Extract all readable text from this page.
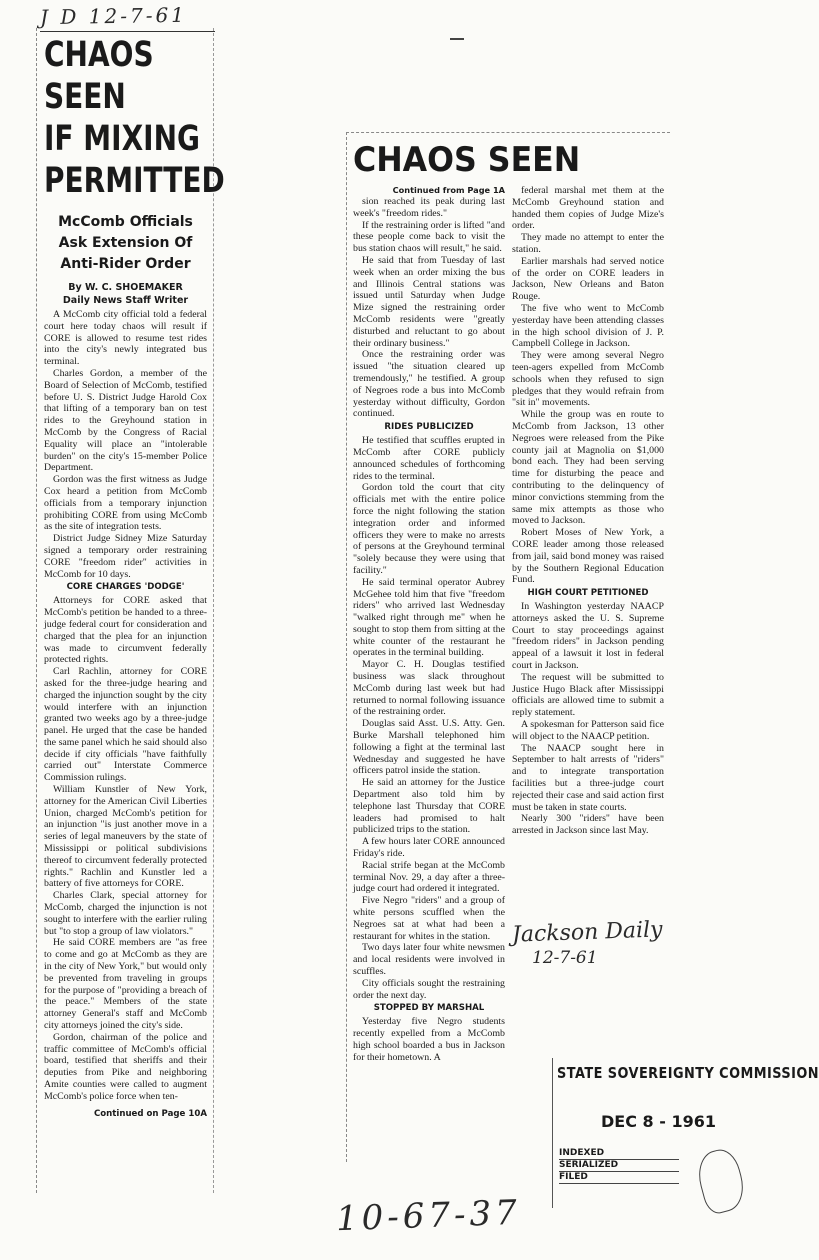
J D 12-7-61
CHAOS SEEN
IF MIXING
PERMITTED
McComb Officials
Ask Extension Of
Anti-Rider Order
By W. C. SHOEMAKER
Daily News Staff Writer

A McComb city official told a federal court here today chaos will result if CORE is allowed to resume test rides into the city's newly integrated bus terminal.

Charles Gordon, a member of the Board of Selection of McComb, testified before U. S. District Judge Harold Cox that lifting of a temporary ban on test rides to the Greyhound station in McComb by the Congress of Racial Equality will place an "intolerable burden" on the city's 15-member Police Department.

Gordon was the first witness as Judge Cox heard a petition from McComb officials from a temporary injunction prohibiting CORE from using McComb as the site of integration tests.

District Judge Sidney Mize Saturday signed a temporary order restraining CORE "freedom rider" activities in McComb for 10 days.

CORE CHARGES 'DODGE'

Attorneys for CORE asked that McComb's petition be handed to a three-judge federal court for consideration and charged that the plea for an injunction was made to circumvent federally protected rights.

Carl Rachlin, attorney for CORE asked for the three-judge hearing and charged the injunction sought by the city would interfere with an injunction granted two weeks ago by a three-judge panel. He urged that the case be handed the same panel which he said should also decide if city officials "have faithfully carried out" Interstate Commerce Commission rulings.

William Kunstler of New York, attorney for the American Civil Liberties Union, charged McComb's petition for an injunction "is just another move in a series of legal maneuvers by the state of Mississippi or political subdivisions thereof to circumvent federally protected rights." Rachlin and Kunstler led a battery of five attorneys for CORE.

Charles Clark, special attorney for McComb, charged the injunction is not sought to interfere with the earlier ruling but "to stop a group of law violators."

He said CORE members are "as free to come and go at McComb as they are in the city of New York," but would only be prevented from traveling in groups for the purpose of "providing a breach of the peace." Members of the state attorney General's staff and McComb city attorneys joined the city's side.

Gordon, chairman of the police and traffic committee of McComb's official board, testified that sheriffs and their deputies from Pike and neighboring Amite counties were called to augment McComb's police force when ten-

Continued on Page 10A
CHAOS SEEN
Continued from Page 1A

sion reached its peak during last week's "freedom rides."

If the restraining order is lifted "and these people come back to visit the bus station chaos will result," he said.

He said that from Tuesday of last week when an order mixing the bus and Illinois Central stations was issued until Saturday when Judge Mize signed the restraining order McComb residents were "greatly disturbed and reluctant to go about their ordinary business."

Once the restraining order was issued "the situation cleared up tremendously," he testified. A group of Negroes rode a bus into McComb yesterday without difficulty, Gordon continued.

RIDES PUBLICIZED

He testified that scuffles erupted in McComb after CORE publicly announced schedules of forthcoming rides to the terminal.

Gordon told the court that city officials met with the entire police force the night following the station integration order and informed officers they were to make no arrests of persons at the Greyhound terminal "solely because they were using that facility."

He said terminal operator Aubrey McGehee told him that five "freedom riders" who arrived last Wednesday "walked right through me" when he sought to stop them from sitting at the white counter of the restaurant he operates in the terminal building.

Mayor C. H. Douglas testified business was slack throughout McComb during last week but had returned to normal following issuance of the restraining order.

Douglas said Asst. U.S. Atty. Gen. Burke Marshall telephoned him following a fight at the terminal last Wednesday and suggested he have officers patrol inside the station.

He said an attorney for the Justice Department also told him by telephone last Thursday that CORE leaders had promised to halt publicized trips to the station.

A few hours later CORE announced Friday's ride.

Racial strife began at the McComb terminal Nov. 29, a day after a three-judge court had ordered it integrated.

Five Negro "riders" and a group of white persons scuffled when the Negroes sat at what had been a restaurant for whites in the station.

Two days later four white newsmen and local residents were involved in scuffles.

City officials sought the restraining order the next day.

STOPPED BY MARSHAL

Yesterday five Negro students recently expelled from a McComb high school boarded a bus in Jackson for their hometown. A

federal marshal met them at the McComb Greyhound station and handed them copies of Judge Mize's order.

They made no attempt to enter the station.

Earlier marshals had served notice of the order on CORE leaders in Jackson, New Orleans and Baton Rouge.

The five who went to McComb yesterday have been attending classes in the high school division of J. P. Campbell College in Jackson.

They were among several Negro teen-agers expelled from McComb schools when they refused to sign pledges that they would refrain from "sit in" movements.

While the group was en route to McComb from Jackson, 13 other Negroes were released from the Pike county jail at Magnolia on $1,000 bond each. They had been serving time for disturbing the peace and contributing to the delinquency of minor convictions stemming from the same mix attempts as those who moved to Jackson.

Robert Moses of New York, a CORE leader among those released from jail, said bond money was raised by the Southern Regional Education Fund.

HIGH COURT PETITIONED

In Washington yesterday NAACP attorneys asked the U. S. Supreme Court to stay proceedings against "freedom riders" in Jackson pending appeal of a lawsuit it lost in federal court in Jackson.

The request will be submitted to Justice Hugo Black after Mississippi officials are allowed time to submit a reply statement.

A spokesman for Patterson said fice will object to the NAACP petition.

The NAACP sought here in September to halt arrests of "riders" and to integrate transportation facilities but a three-judge court rejected their case and said action first must be taken in state courts.

Nearly 300 "riders" have been arrested in Jackson since last May.

Jackson Daily
12-7-61
STATE SOVEREIGNTY COMMISSION
DEC 8 - 1961
INDEXED
SERIALIZED
FILED
10-67-37
